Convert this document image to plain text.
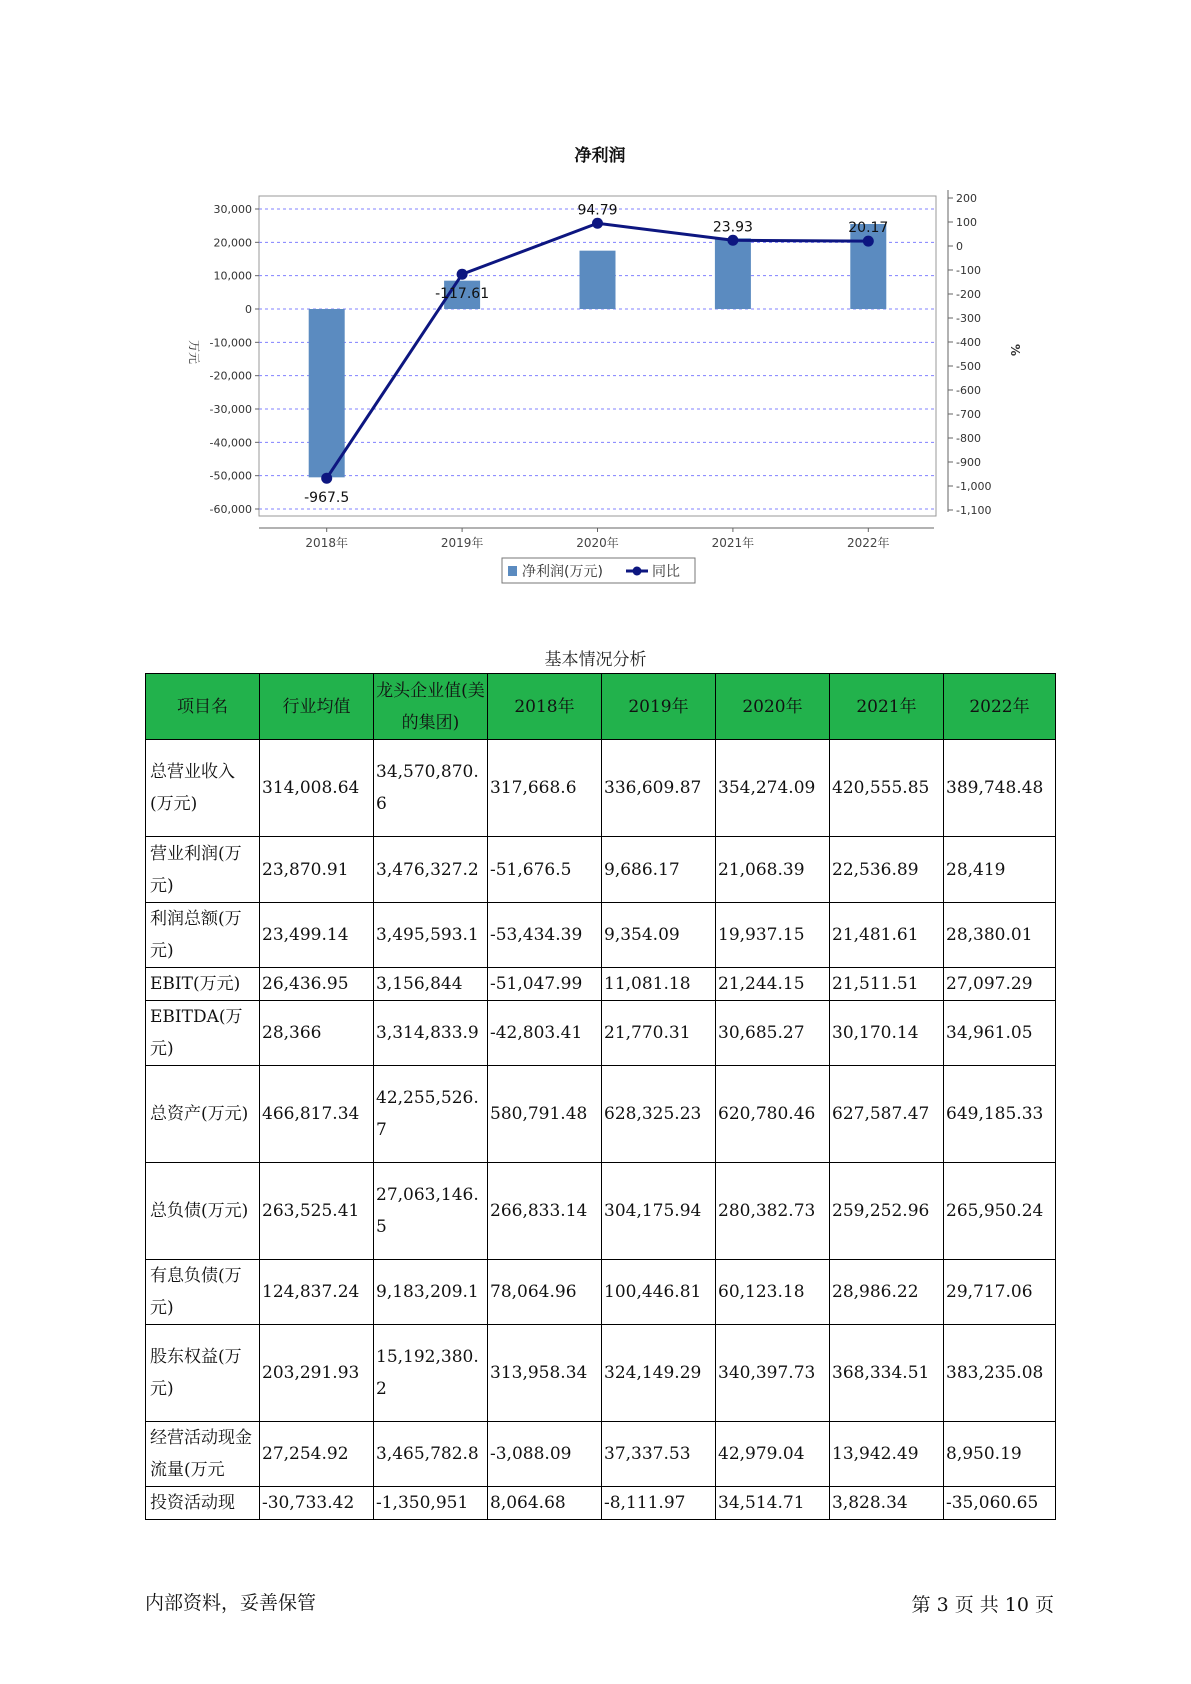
净利润
30,000
20,000
10,000
0
-10,000
-20,000
-30,000
-40,000
-50,000
-60,000
200
100
0
-100
-200
-300
-400
-500
-600
-700
-800
-900
-1,000
-1,100
万元	%
2018年	2019年	2020年	2021年	2022年
-967.5
-117.61
94.79
23.93	20.17
净利润(万元)	同比
基本情况分析
项目名	行业均值	龙头企业值(美的集团)	2018年	2019年	2020年	2021年	2022年
总营业收入(万元)	314,008.64	34,570,870.6	317,668.6	336,609.87	354,274.09	420,555.85	389,748.48
营业利润(万元)	23,870.91	3,476,327.2	-51,676.5	9,686.17	21,068.39	22,536.89	28,419
利润总额(万元)	23,499.14	3,495,593.1	-53,434.39	9,354.09	19,937.15	21,481.61	28,380.01
EBIT(万元)	26,436.95	3,156,844	-51,047.99	11,081.18	21,244.15	21,511.51	27,097.29
EBITDA(万元)	28,366	3,314,833.9	-42,803.41	21,770.31	30,685.27	30,170.14	34,961.05
总资产(万元)	466,817.34	42,255,526.7	580,791.48	628,325.23	620,780.46	627,587.47	649,185.33
总负债(万元)	263,525.41	27,063,146.5	266,833.14	304,175.94	280,382.73	259,252.96	265,950.24
有息负债(万元)	124,837.24	9,183,209.1	78,064.96	100,446.81	60,123.18	28,986.22	29,717.06
股东权益(万元)	203,291.93	15,192,380.2	313,958.34	324,149.29	340,397.73	368,334.51	383,235.08
经营活动现金流量(万元	27,254.92	3,465,782.8	-3,088.09	37,337.53	42,979.04	13,942.49	8,950.19
投资活动现	-30,733.42	-1,350,951	8,064.68	-8,111.97	34,514.71	3,828.34	-35,060.65
内部资料，妥善保管	第 3 页 共 10 页
